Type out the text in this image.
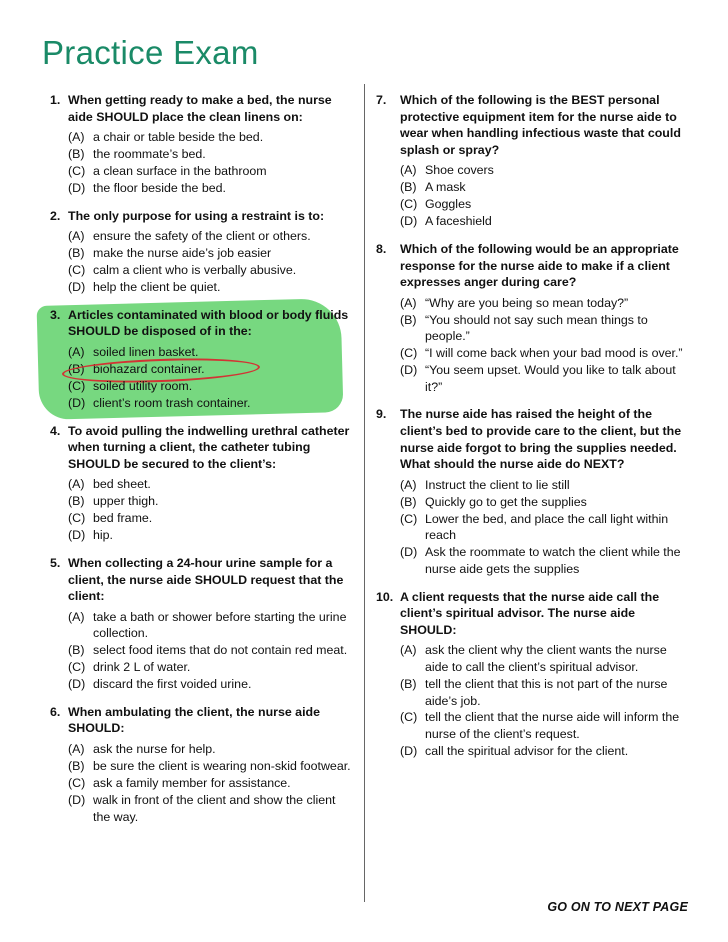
Practice Exam
1. When getting ready to make a bed, the nurse aide SHOULD place the clean linens on:
(A) a chair or table beside the bed.
(B) the roommate’s bed.
(C) a clean surface in the bathroom
(D) the floor beside the bed.
2. The only purpose for using a restraint is to:
(A) ensure the safety of the client or others.
(B) make the nurse aide’s job easier
(C) calm a client who is verbally abusive.
(D) help the client be quiet.
3. Articles contaminated with blood or body fluids SHOULD be disposed of in the:
(A) soiled linen basket.
(B) biohazard container.
(C) soiled utility room.
(D) client’s room trash container.
4. To avoid pulling the indwelling urethral catheter when turning a client, the catheter tubing SHOULD be secured to the client’s:
(A) bed sheet.
(B) upper thigh.
(C) bed frame.
(D) hip.
5. When collecting a 24-hour urine sample for a client, the nurse aide SHOULD request that the client:
(A) take a bath or shower before starting the urine collection.
(B) select food items that do not contain red meat.
(C) drink 2 L of water.
(D) discard the first voided urine.
6. When ambulating the client, the nurse aide SHOULD:
(A) ask the nurse for help.
(B) be sure the client is wearing non-skid footwear.
(C) ask a family member for assistance.
(D) walk in front of the client and show the client the way.
7.	Which of the following is the BEST personal protective equipment item for the nurse aide to wear when handling infectious waste that could splash or spray?
(A) Shoe covers
(B) A mask
(C) Goggles
(D) A faceshield
8.	Which of the following would be an appropriate response for the nurse aide to make if a client expresses anger during care?
(A) “Why are you being so mean today?”
(B) “You should not say such mean things to people.”
(C) “I will come back when your bad mood is over.”
(D) “You seem upset. Would you like to talk about it?”
9.	The nurse aide has raised the height of the client’s bed to provide care to the client, but the nurse aide forgot to bring the supplies needed. What should the nurse aide do NEXT?
(A) Instruct the client to lie still
(B) Quickly go to get the supplies
(C) Lower the bed, and place the call light within reach
(D) Ask the roommate to watch the client while the nurse aide gets the supplies
10. A client requests that the nurse aide call the client’s spiritual advisor. The nurse aide SHOULD:
(A) ask the client why the client wants the nurse aide to call the client’s spiritual advisor.
(B) tell the client that this is not part of the nurse aide’s job.
(C) tell the client that the nurse aide will inform the nurse of the client’s request.
(D) call the spiritual advisor for the client.
GO ON TO NEXT PAGE
